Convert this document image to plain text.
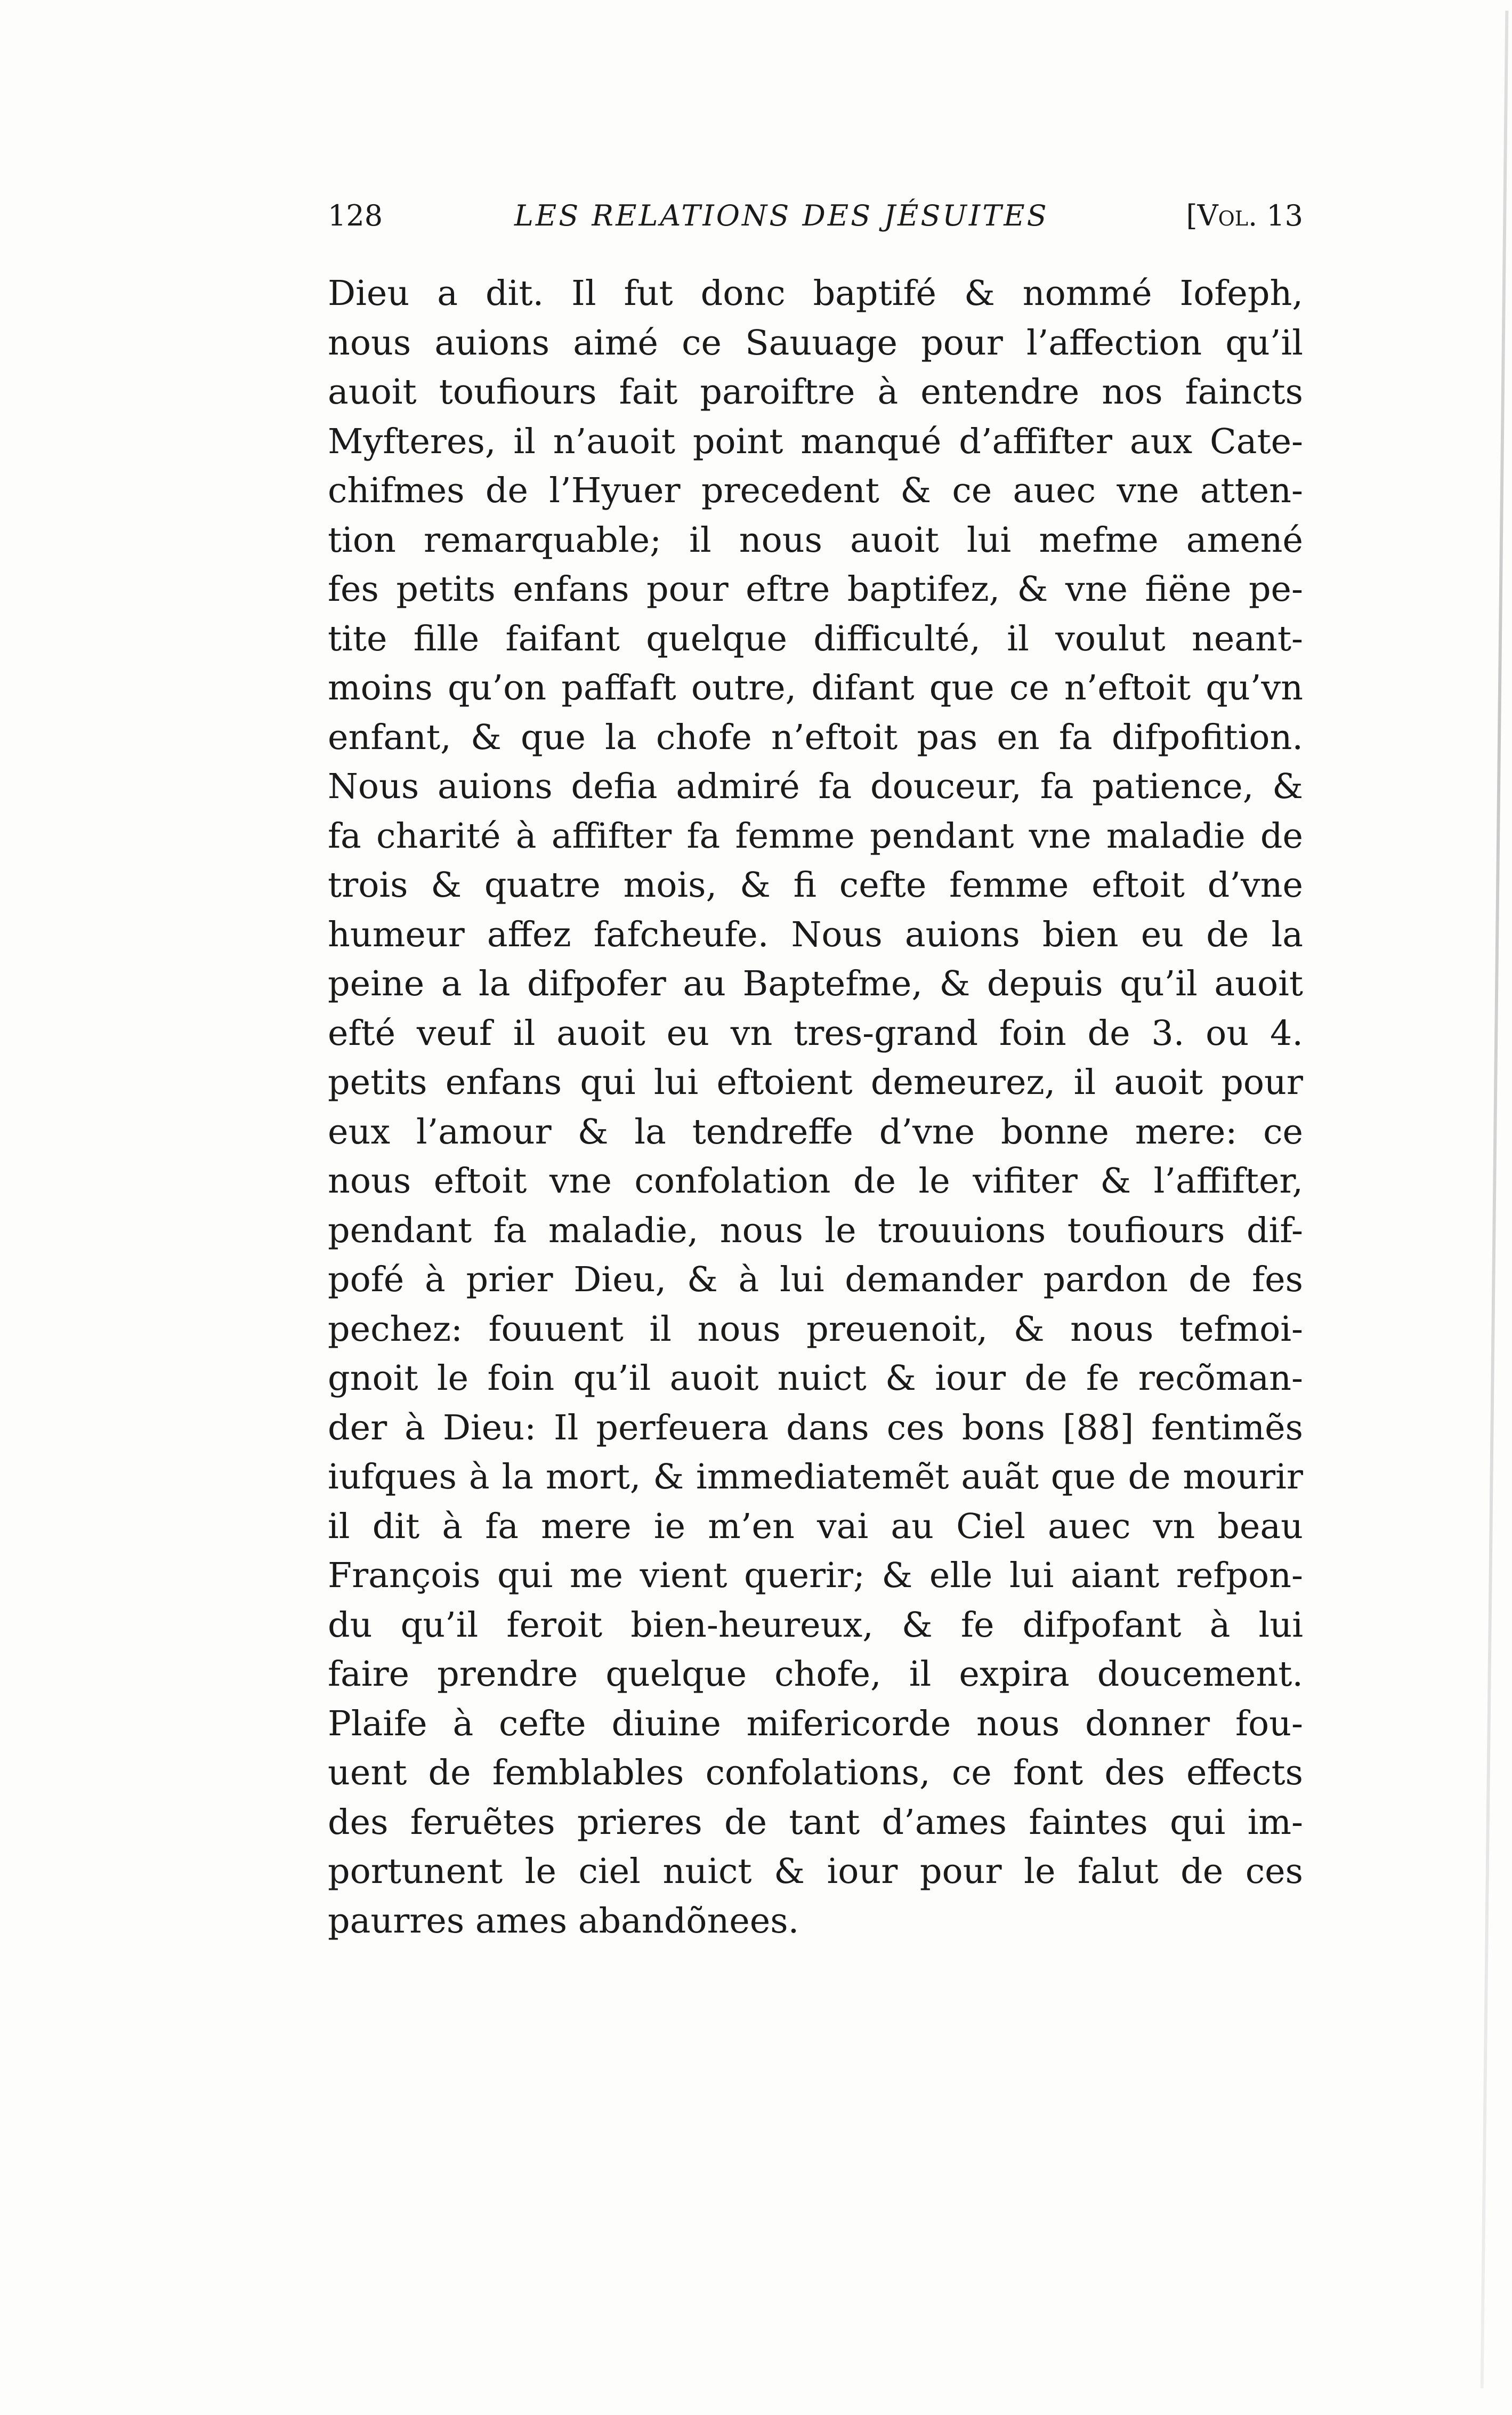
128	LES RELATIONS DES JÉSUITES	[Vol. 13
Dieu a dit. Il fut donc baptifé & nommé Iofeph,
nous auions aimé ce Sauuage pour l’affection qu’il
auoit toufiours fait paroiftre à entendre nos faincts
Myfteres, il n’auoit point manqué d’affifter aux Cate-
chifmes de l’Hyuer precedent & ce auec vne atten-
tion remarquable; il nous auoit lui mefme amené
fes petits enfans pour eftre baptifez, & vne fiëne pe-
tite fille faifant quelque difficulté, il voulut neant-
moins qu’on paffaft outre, difant que ce n’eftoit qu’vn
enfant, & que la chofe n’eftoit pas en fa difpofition.
Nous auions defia admiré fa douceur, fa patience, &
fa charité à affifter fa femme pendant vne maladie de
trois & quatre mois, & fi cefte femme eftoit d’vne
humeur affez fafcheufe. Nous auions bien eu de la
peine a la difpofer au Baptefme, & depuis qu’il auoit
efté veuf il auoit eu vn tres-grand foin de 3. ou 4.
petits enfans qui lui eftoient demeurez, il auoit pour
eux l’amour & la tendreffe d’vne bonne mere: ce
nous eftoit vne confolation de le vifiter & l’affifter,
pendant fa maladie, nous le trouuions toufiours dif-
pofé à prier Dieu, & à lui demander pardon de fes
pechez: fouuent il nous preuenoit, & nous tefmoi-
gnoit le foin qu’il auoit nuict & iour de fe recõman-
der à Dieu: Il perfeuera dans ces bons [88] fentimẽs
iufques à la mort, & immediatemẽt auãt que de mourir
il dit à fa mere ie m’en vai au Ciel auec vn beau
François qui me vient querir; & elle lui aiant refpon-
du qu’il feroit bien-heureux, & fe difpofant à lui
faire prendre quelque chofe, il expira doucement.
Plaife à cefte diuine mifericorde nous donner fou-
uent de femblables confolations, ce font des effects
des feruẽtes prieres de tant d’ames faintes qui im-
portunent le ciel nuict & iour pour le falut de ces
paurres ames abandõnees.
